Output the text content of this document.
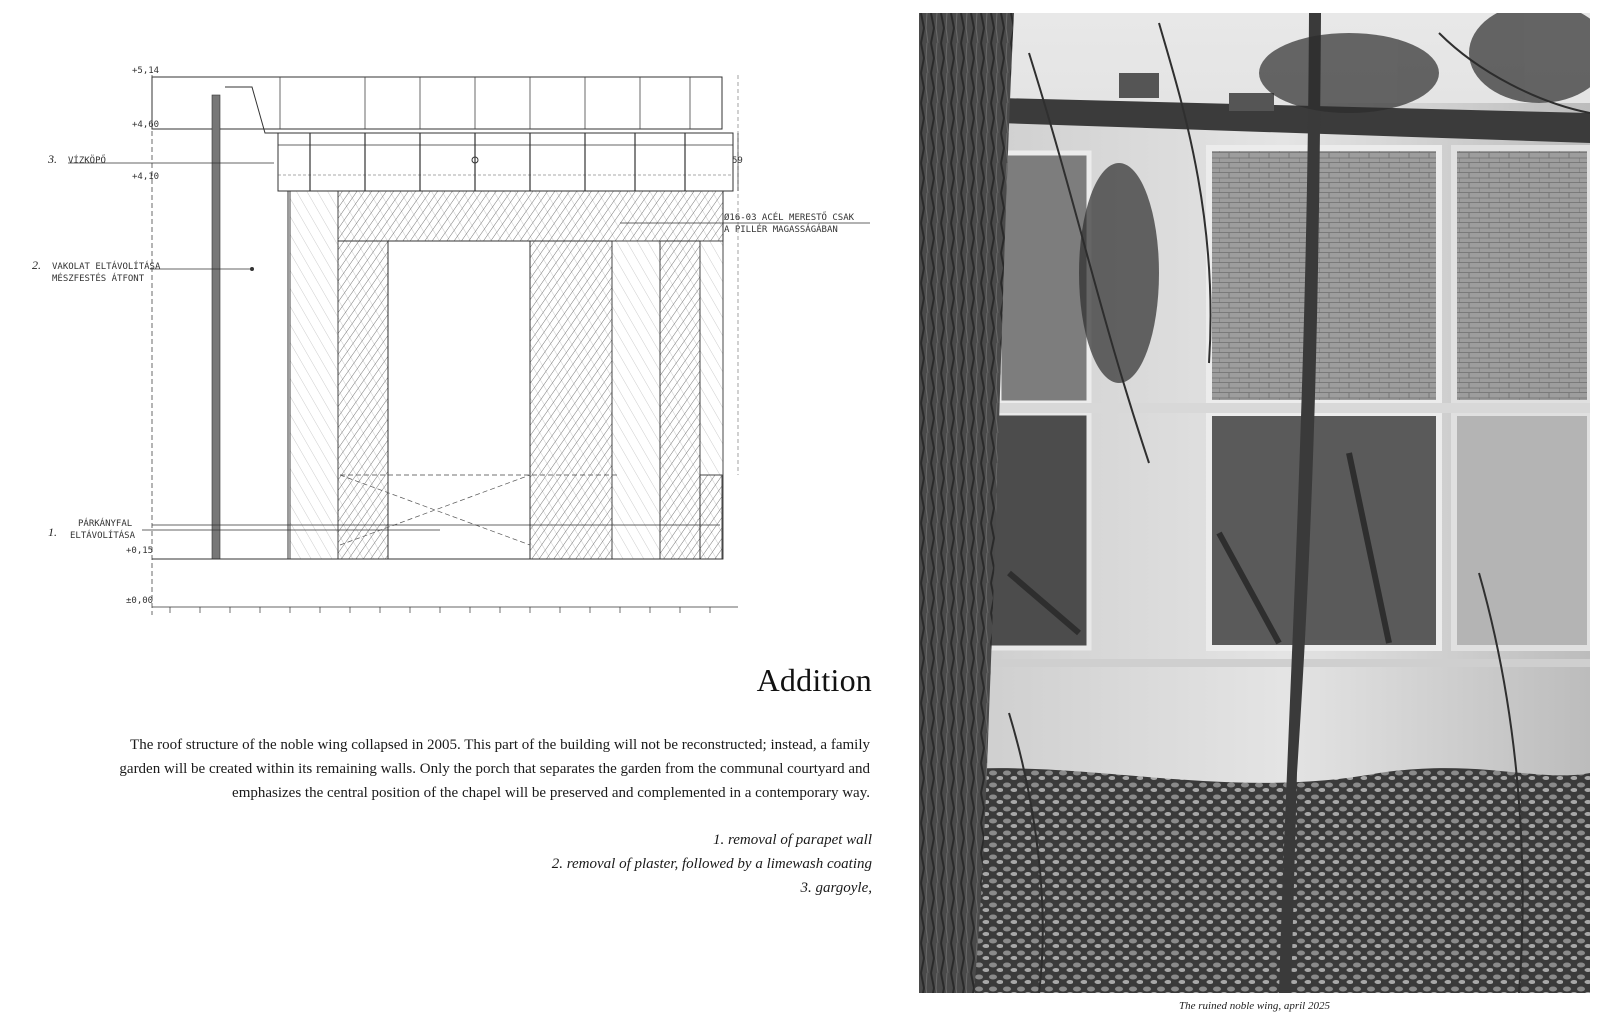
+5,14
+4,60
+4,10
+0,15
±0,00
3. VÍZKÖPŐ
2. VAKOLAT ELTÁVOLÍTÁSA
MÉSZFESTÉS ÁTFONT
1.
PÁRKÁNYFAL
ELTÁVOLÍTÁSA
Ø16-03 ACÉL MERESTŐ CSAK
A PILLÉR MAGASSÁGÁBAN
59
Addition

The roof structure of the noble wing collapsed in 2005. This part of the building will not be reconstructed; instead, a family garden will be created within its remaining walls. Only the porch that separates the garden from the communal courtyard and emphasizes the central position of the chapel will be preserved and complemented in a contemporary way.

1. removal of parapet wall
2. removal of plaster, followed by a limewash coating
3. gargoyle,
The ruined noble wing, april 2025
